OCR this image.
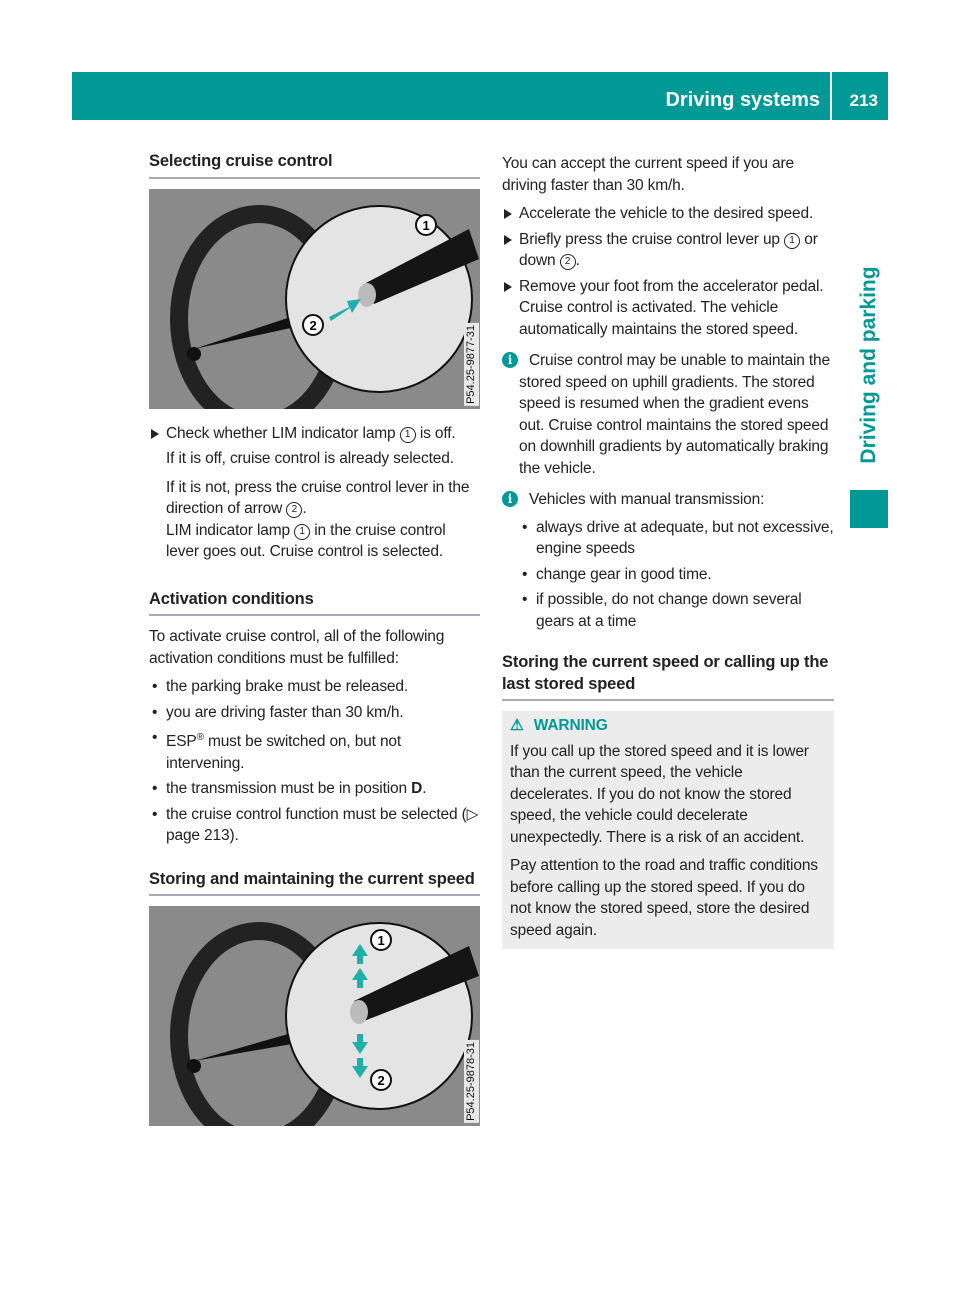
Driving systems 213
Driving and parking
Selecting cruise control
1
2	P54.25-9877-31
Check whether LIM indicator lamp 1 is off.

If it is off, cruise control is already selected.

If it is not, press the cruise control lever in the direction of arrow 2 .

LIM indicator lamp 1 in the cruise control lever goes out. Cruise control is selected.

Activation conditions

To activate cruise control, all of the following activation conditions must be fulfilled:

• the parking brake must be released.
• you are driving faster than 30 km/h.
• ESP® must be switched on, but not intervening.
• the transmission must be in position D.
• the cruise control function must be selected (▷ page 213).
Storing and maintaining the current speed
1
2	P54.25-9878-31

You can accept the current speed if you are driving faster than 30 km/h.

Accelerate the vehicle to the desired speed.
Briefly press the cruise control lever up 1 or down 2 .
Remove your foot from the accelerator pedal.

Cruise control is activated. The vehicle automatically maintains the stored speed.

i	Cruise control may be unable to maintain the stored speed on uphill gradients. The stored speed is resumed when the gradient evens out. Cruise control maintains the stored speed on downhill gradients by automatically braking the vehicle.
i	Vehicles with manual transmission:
• always drive at adequate, but not excessive, engine speeds
• change gear in good time.
• if possible, do not change down several gears at a time
Storing the current speed or calling up the last stored speed
⚠ WARNING

If you call up the stored speed and it is lower than the current speed, the vehicle decelerates. If you do not know the stored speed, the vehicle could decelerate unexpectedly. There is a risk of an accident.

Pay attention to the road and traffic conditions before calling up the stored speed. If you do not know the stored speed, store the desired speed again.
